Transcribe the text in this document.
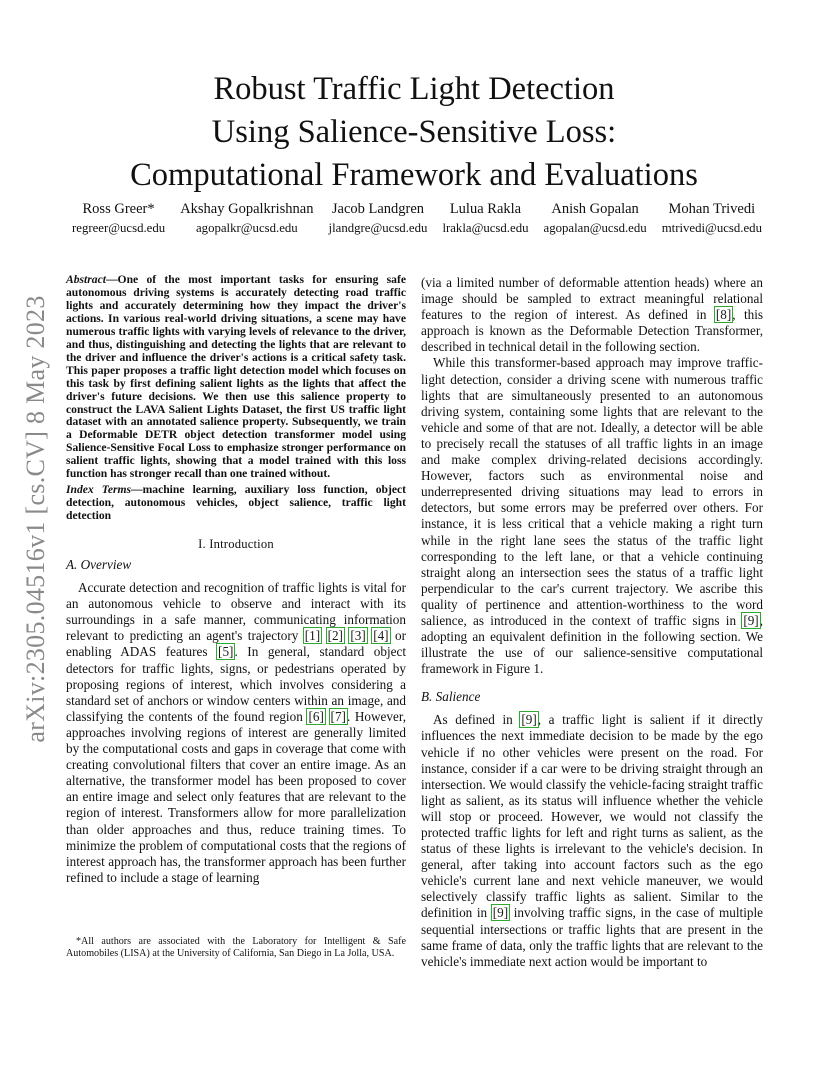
arXiv:2305.04516v1 [cs.CV] 8 May 2023
Robust Traffic Light Detection
Using Salience-Sensitive Loss:
Computational Framework and Evaluations
Ross Greer*
regreer@ucsd.edu
Akshay Gopalkrishnan
agopalkr@ucsd.edu
Jacob Landgren
jlandgre@ucsd.edu
Lulua Rakla
lrakla@ucsd.edu
Anish Gopalan
agopalan@ucsd.edu
Mohan Trivedi
mtrivedi@ucsd.edu

Abstract—One of the most important tasks for ensuring safe autonomous driving systems is accurately detecting road traffic lights and accurately determining how they impact the driver's actions. In various real-world driving situations, a scene may have numerous traffic lights with varying levels of relevance to the driver, and thus, distinguishing and detecting the lights that are relevant to the driver and influence the driver's actions is a critical safety task. This paper proposes a traffic light detection model which focuses on this task by first defining salient lights as the lights that affect the driver's future decisions. We then use this salience property to construct the LAVA Salient Lights Dataset, the first US traffic light dataset with an annotated salience property. Subsequently, we train a Deformable DETR object detection transformer model using Salience-Sensitive Focal Loss to emphasize stronger performance on salient traffic lights, showing that a model trained with this loss function has stronger recall than one trained without.

Index Terms—machine learning, auxiliary loss function, object detection, autonomous vehicles, object salience, traffic light detection

I. Introduction
A. Overview

Accurate detection and recognition of traffic lights is vital for an autonomous vehicle to observe and interact with its surroundings in a safe manner, communicating information relevant to predicting an agent's trajectory [1] [2] [3] [4] or enabling ADAS features [5]. In general, standard object detectors for traffic lights, signs, or pedestrians operated by proposing regions of interest, which involves considering a standard set of anchors or window centers within an image, and classifying the contents of the found region [6] [7]. However, approaches involving regions of interest are generally limited by the computational costs and gaps in coverage that come with creating convolutional filters that cover an entire image. As an alternative, the transformer model has been proposed to cover an entire image and select only features that are relevant to the region of interest. Transformers allow for more parallelization than older approaches and thus, reduce training times. To minimize the problem of computational costs that the regions of interest approach has, the transformer approach has been further refined to include a stage of learning

*All authors are associated with the Laboratory for Intelligent & Safe Automobiles (LISA) at the University of California, San Diego in La Jolla, USA.

(via a limited number of deformable attention heads) where an image should be sampled to extract meaningful relational features to the region of interest. As defined in [8], this approach is known as the Deformable Detection Transformer, described in technical detail in the following section.

While this transformer-based approach may improve traffic-light detection, consider a driving scene with numerous traffic lights that are simultaneously presented to an autonomous driving system, containing some lights that are relevant to the vehicle and some of that are not. Ideally, a detector will be able to precisely recall the statuses of all traffic lights in an image and make complex driving-related decisions accordingly. However, factors such as environmental noise and underrepresented driving situations may lead to errors in detectors, but some errors may be preferred over others. For instance, it is less critical that a vehicle making a right turn while in the right lane sees the status of the traffic light corresponding to the left lane, or that a vehicle continuing straight along an intersection sees the status of a traffic light perpendicular to the car's current trajectory. We ascribe this quality of pertinence and attention-worthiness to the word salience, as introduced in the context of traffic signs in [9], adopting an equivalent definition in the following section. We illustrate the use of our salience-sensitive computational framework in Figure 1.

B. Salience

As defined in [9], a traffic light is salient if it directly influences the next immediate decision to be made by the ego vehicle if no other vehicles were present on the road. For instance, consider if a car were to be driving straight through an intersection. We would classify the vehicle-facing straight traffic light as salient, as its status will influence whether the vehicle will stop or proceed. However, we would not classify the protected traffic lights for left and right turns as salient, as the status of these lights is irrelevant to the vehicle's decision. In general, after taking into account factors such as the ego vehicle's current lane and next vehicle maneuver, we would selectively classify traffic lights as salient. Similar to the definition in [9] involving traffic signs, in the case of multiple sequential intersections or traffic lights that are present in the same frame of data, only the traffic lights that are relevant to the vehicle's immediate next action would be important to
